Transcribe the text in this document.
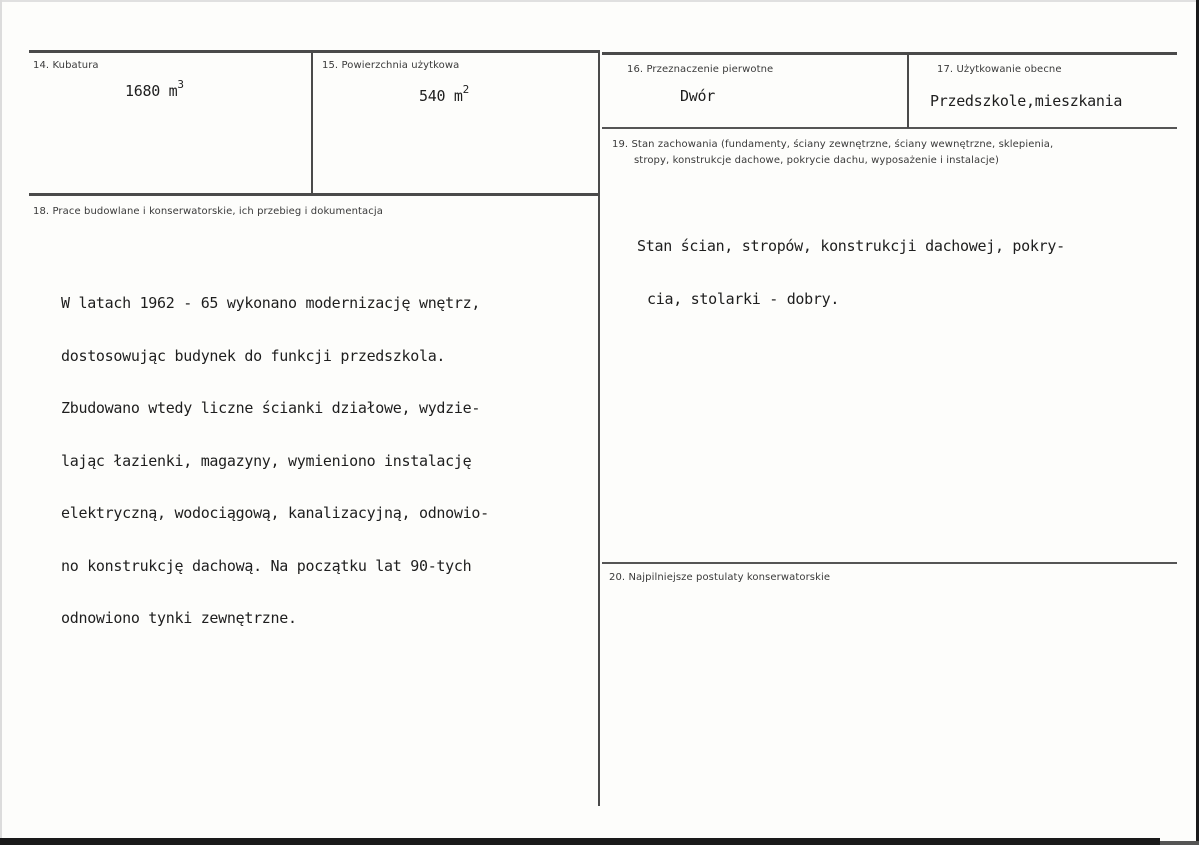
14. Kubatura
1680 $m^3$
15. Powierzchnia użytkowa
540 $m^2$
16. Przeznaczenie pierwotne
Dwór
17. Użytkowanie obecne
Przedszkole,mieszkania
19. Stan zachowania (fundamenty, ściany zewnętrzne, ściany wewnętrzne, sklepienia,
stropy, konstrukcje dachowe, pokrycie dachu, wyposażenie i instalacje)

Stan ścian, stropów, konstrukcji dachowej, pokry-

cia, stolarki - dobry.

18. Prace budowlane i konserwatorskie, ich przebieg i dokumentacja

W latach 1962 - 65 wykonano modernizację wnętrz,

dostosowując budynek do funkcji przedszkola.

Zbudowano wtedy liczne ścianki działowe, wydzie-

lając łazienki, magazyny, wymieniono instalację

elektryczną, wodociągową, kanalizacyjną, odnowio-

no konstrukcję dachową. Na początku lat 90-tych

odnowiono tynki zewnętrzne.

20. Najpilniejsze postulaty konserwatorskie
